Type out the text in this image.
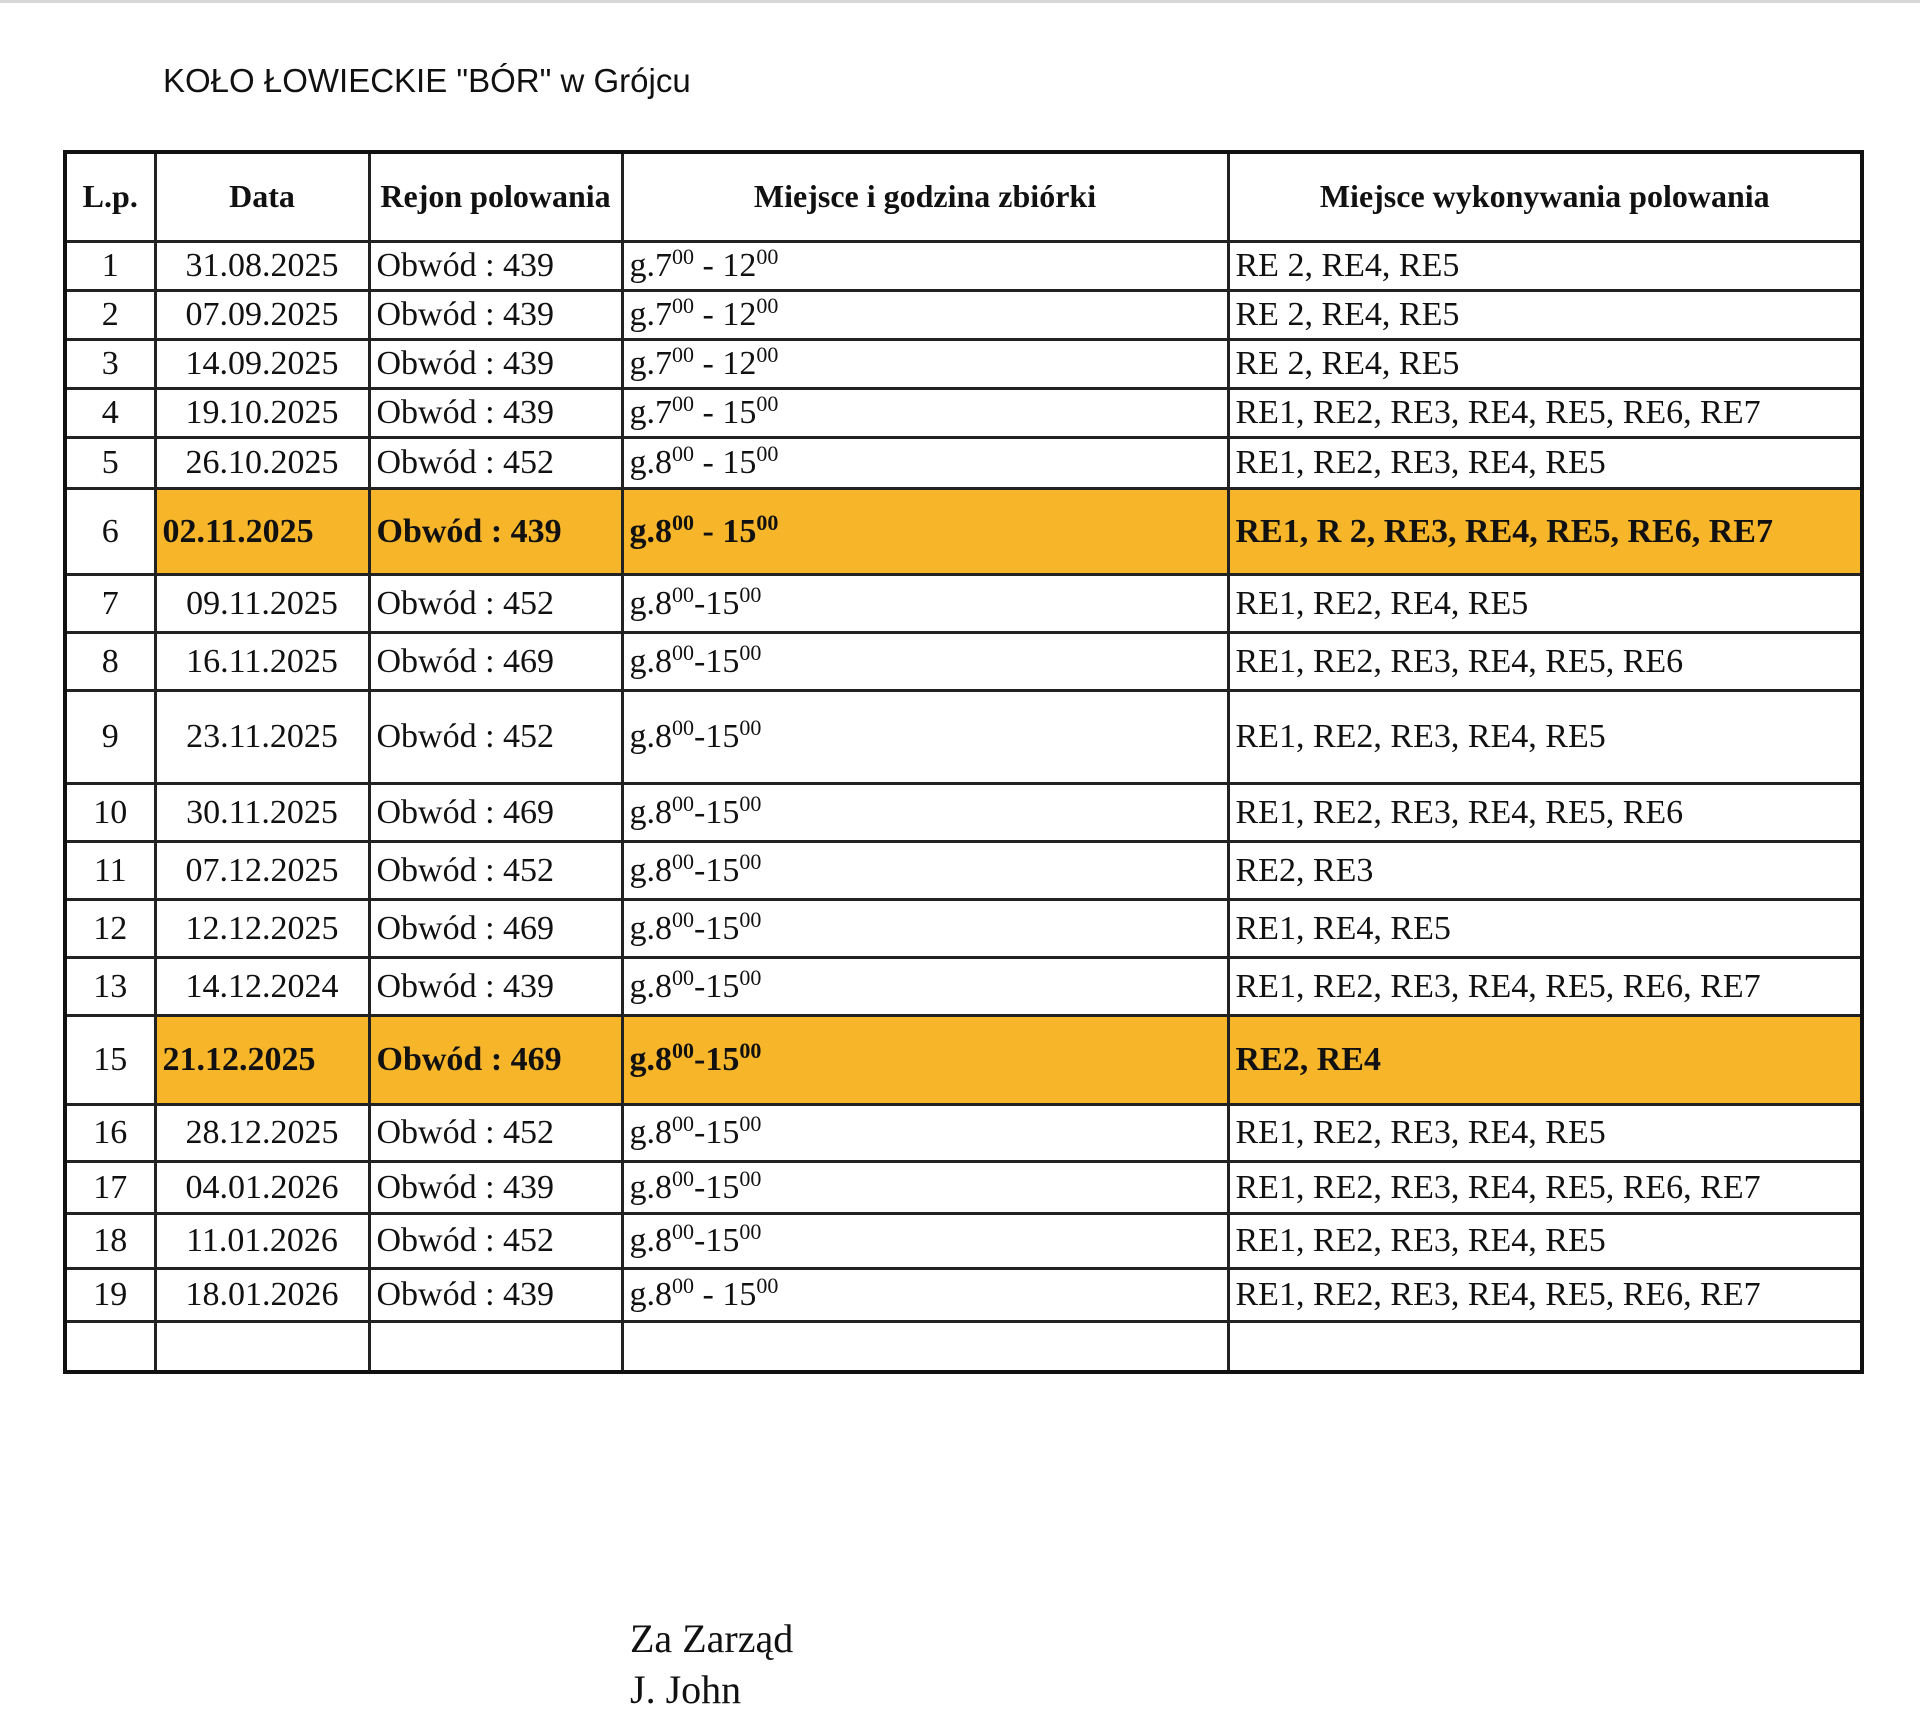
KOŁO ŁOWIECKIE "BÓR" w Grójcu
L.p.	Data	Rejon polowania	Miejsce i godzina zbiórki	Miejsce wykonywania polowania
1	31.08.2025	Obwód : 439	$g.7^{00} - 12^{00}$	RE 2, RE4, RE5
2	07.09.2025	Obwód : 439	$g.7^{00} - 12^{00}$	RE 2, RE4, RE5
3	14.09.2025	Obwód : 439	$g.7^{00} - 12^{00}$	RE 2, RE4, RE5
4	19.10.2025	Obwód : 439	$g.7^{00} - 15^{00}$	RE1, RE2, RE3, RE4, RE5, RE6, RE7
5	26.10.2025	Obwód : 452	$g.8^{00} - 15^{00}$	RE1, RE2, RE3, RE4, RE5
6	02.11.2025	Obwód : 439	$g.8^{00} - 15^{00}$	RE1, R 2, RE3, RE4, RE5, RE6, RE7
7	09.11.2025	Obwód : 452	$g.8^{00}-15^{00}$	RE1, RE2, RE4, RE5
8	16.11.2025	Obwód : 469	$g.8^{00}-15^{00}$	RE1, RE2, RE3, RE4, RE5, RE6
9	23.11.2025	Obwód : 452	$g.8^{00}-15^{00}$	RE1, RE2, RE3, RE4, RE5
10	30.11.2025	Obwód : 469	$g.8^{00}-15^{00}$	RE1, RE2, RE3, RE4, RE5, RE6
11	07.12.2025	Obwód : 452	$g.8^{00}-15^{00}$	RE2, RE3
12	12.12.2025	Obwód : 469	$g.8^{00}-15^{00}$	RE1, RE4, RE5
13	14.12.2024	Obwód : 439	$g.8^{00}-15^{00}$	RE1, RE2, RE3, RE4, RE5, RE6, RE7
15	21.12.2025	Obwód : 469	$g.8^{00}-15^{00}$	RE2, RE4
16	28.12.2025	Obwód : 452	$g.8^{00}-15^{00}$	RE1, RE2, RE3, RE4, RE5
17	04.01.2026	Obwód : 439	$g.8^{00}-15^{00}$	RE1, RE2, RE3, RE4, RE5, RE6, RE7
18	11.01.2026	Obwód : 452	$g.8^{00}-15^{00}$	RE1, RE2, RE3, RE4, RE5
19	18.01.2026	Obwód : 439	$g.8^{00} - 15^{00}$	RE1, RE2, RE3, RE4, RE5, RE6, RE7

Za Zarząd
J. John
